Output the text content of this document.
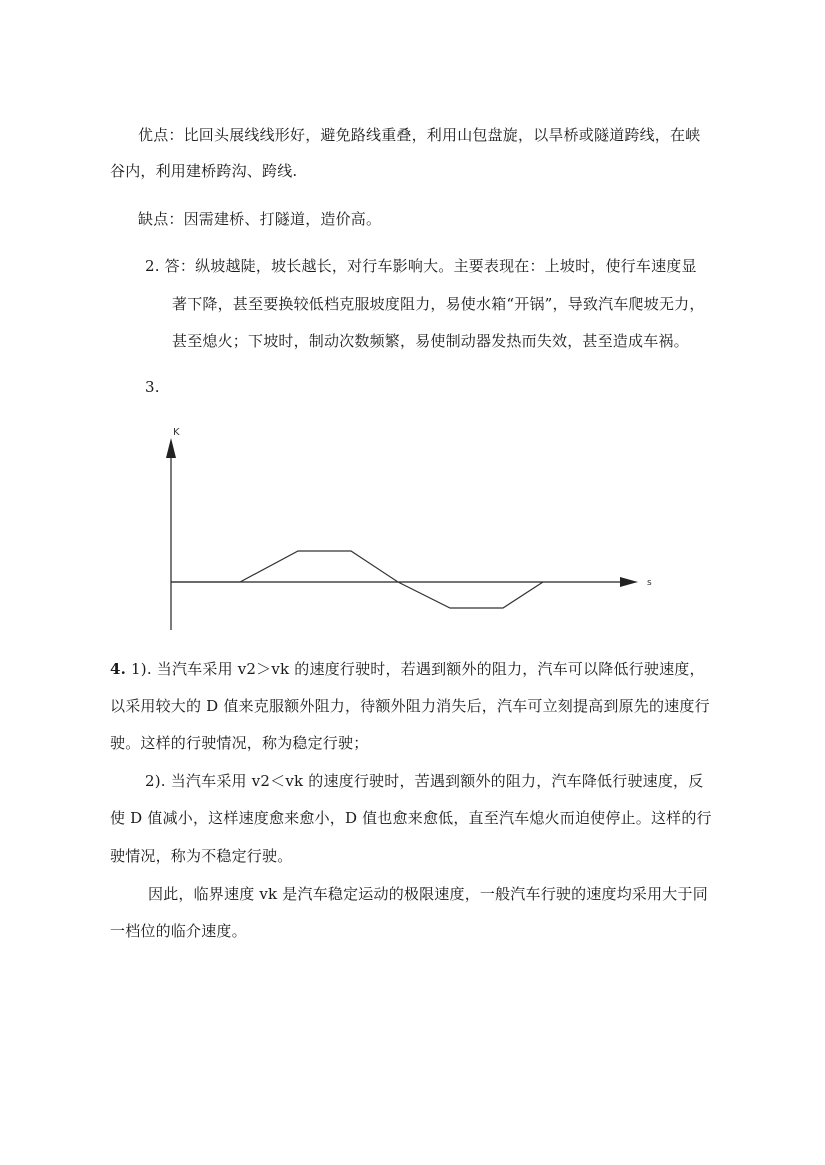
优点：比回头展线线形好，避免路线重叠，利用山包盘旋，以旱桥或隧道跨线，在峡
谷内，利用建桥跨沟、跨线.
缺点：因需建桥、打隧道，造价高。
2. 答：纵坡越陡，坡长越长，对行车影响大。主要表现在：上坡时，使行车速度显
著下降，甚至要换较低档克服坡度阻力，易使水箱“开锅”，导致汽车爬坡无力，
甚至熄火；下坡时，制动次数频繁，易使制动器发热而失效，甚至造成车祸。
3.
K
s
4. 1). 当汽车采用 v2＞vk 的速度行驶时，若遇到额外的阻力，汽车可以降低行驶速度，
以采用较大的 D 值来克服额外阻力，待额外阻力消失后，汽车可立刻提高到原先的速度行
驶。这样的行驶情况，称为稳定行驶；
2). 当汽车采用 v2＜vk 的速度行驶时，苦遇到额外的阻力，汽车降低行驶速度，反
使 D 值减小，这样速度愈来愈小，D 值也愈来愈低，直至汽车熄火而迫使停止。这样的行
驶情况，称为不稳定行驶。
因此，临界速度 vk 是汽车稳定运动的极限速度，一般汽车行驶的速度均采用大于同
一档位的临介速度。
